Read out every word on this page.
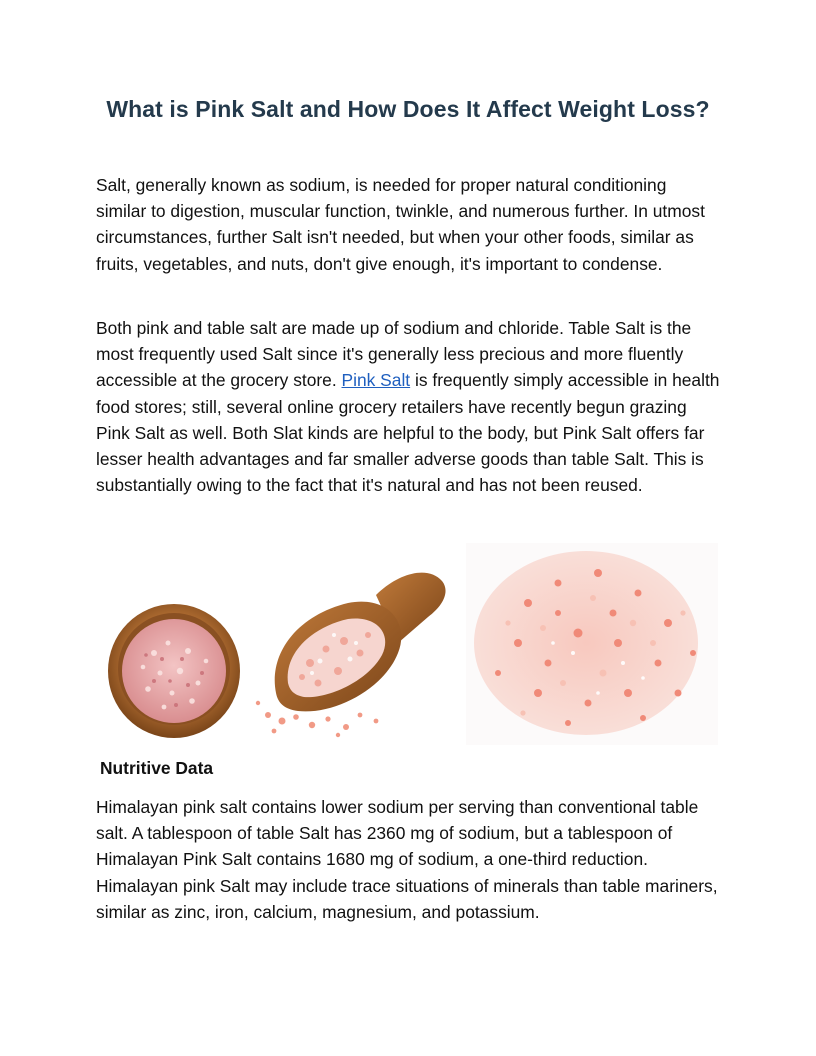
What is Pink Salt and How Does It Affect Weight Loss?

Salt, generally known as sodium, is needed for proper natural conditioning similar to digestion, muscular function, twinkle, and numerous further. In utmost circumstances, further Salt isn't needed, but when your other foods, similar as fruits, vegetables, and nuts, don't give enough, it's important to condense.

Both pink and table salt are made up of sodium and chloride. Table Salt is the most frequently used Salt since it's generally less precious and more fluently accessible at the grocery store. Pink Salt is frequently simply accessible in health food stores; still, several online grocery retailers have recently begun grazing Pink Salt as well. Both Slat kinds are helpful to the body, but Pink Salt offers far lesser health advantages and far smaller adverse goods than table Salt. This is substantially owing to the fact that it's natural and has not been reused.

Nutritive Data

Himalayan pink salt contains lower sodium per serving than conventional table salt. A tablespoon of table Salt has 2360 mg of sodium, but a tablespoon of Himalayan Pink Salt contains 1680 mg of sodium, a one-third reduction. Himalayan pink Salt may include trace situations of minerals than table mariners, similar as zinc, iron, calcium, magnesium, and potassium.
